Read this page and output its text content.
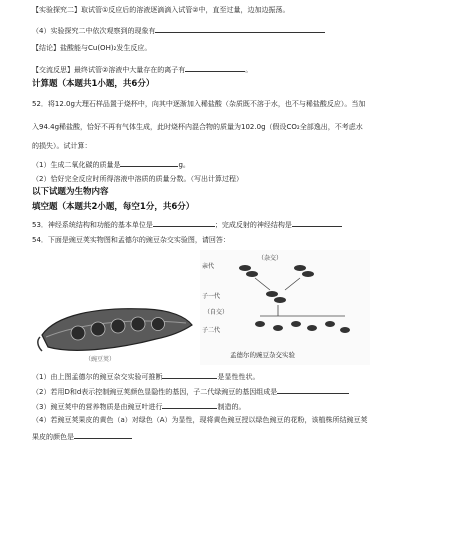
【实验探究二】取试管①反应后的溶液逐滴滴入试管②中，直至过量，边加边振荡。
（4）实验探究二中依次观察到的现象有
【结论】盐酸能与Cu(OH)₂发生反应。
【交流反思】最终试管②溶液中大量存在的离子有	。
计算题（本题共1小题，共6分）
52．将12.0g大理石样品置于烧杯中，向其中逐渐加入稀盐酸（杂质既不溶于水，也不与稀盐酸反应）。当加
入94.4g稀盐酸，恰好不再有气体生成，此时烧杯内混合物的质量为102.0g（假设CO₂全部逸出，不考虑水
的损失）。试计算：
（1）生成二氧化碳的质量是	g。
（2）恰好完全反应时所得溶液中溶质的质量分数。（写出计算过程）
以下试题为生物内容
填空题（本题共2小题，每空1分，共6分）
53．神经系统结构和功能的基本单位是	；完成反射的神经结构是
54．下面是豌豆荚实物图和孟德尔的豌豆杂交实验图，请回答：
（豌豆荚）
亲代
（杂交）
子一代
（自交）
子二代
孟德尔的豌豆杂交实验
（1）由上图孟德尔的豌豆杂交实验可推断	是显性性状。
（2）若用D和d表示控制豌豆荚颜色显隐性的基因，子二代绿豌豆的基因组成是
（3）豌豆荚中的营养物质是由豌豆叶进行	制造的。
（4）若豌豆荚果皮的黄色（a）对绿色（A）为显性，现将黄色豌豆授以绿色豌豆的花粉，该植株所结豌豆荚
果皮的颜色是
